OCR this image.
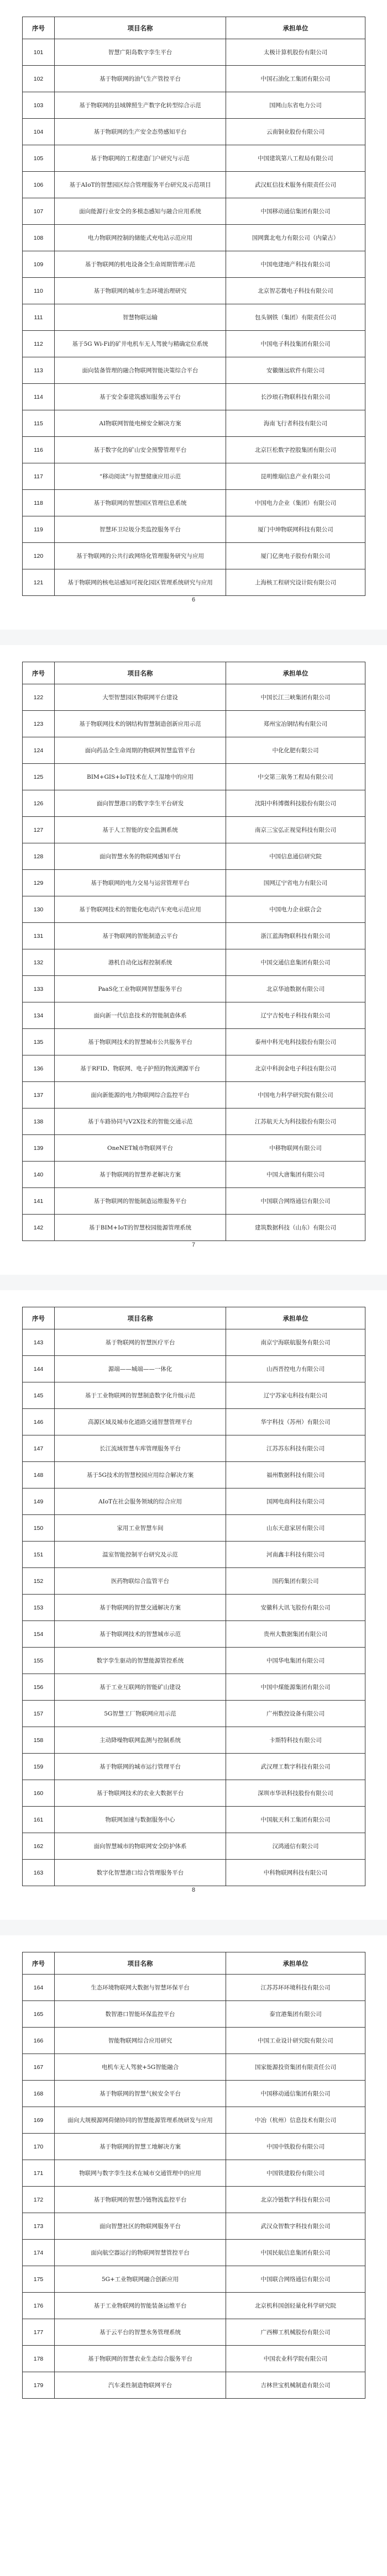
序号	项目名称	承担单位
101	智慧广阳岛数字孪生平台	太极计算机股份有限公司
102	基于物联网的油气生产管控平台	中国石油化工集团有限公司
103	基于物联网的县域牌照生产数字化转型综合示范	国网山东省电力公司
104	基于物联网的生产安全态势感知平台	云南铜业股份有限公司
105	基于物联网的工程建造门户研究与示范	中国建筑第八工程局有限公司
106	基于AIoT的智慧园区综合管理服务平台研究及示范项目	武汉虹信技术服务有限责任公司
107	面向能源行业安全的多模态感知与融合应用系统	中国移动通信集团有限公司
108	电力物联网控制的储能式充电站示范应用	国网冀北电力有限公司（内蒙古）
109	基于物联网的机电设备全生命周期管理示范	中国电建地产科技有限公司
110	基于物联网的城市生态环境治理研究	北京智芯微电子科技有限公司
111	智慧物联运输	包头钢铁（集团）有限责任公司
112	基于5G Wi-Fi的矿井电机车无人驾驶与精确定位系统	中国电子科技集团有限公司
113	面向装备管理的融合物联网智能决策综合平台	安徽继远软件有限公司
114	基于安全泰建筑感知服务云平台	长沙琅石物联科技有限公司
115	AI物联网智能电梯安全解决方案	海南飞行者科技有限公司
116	基于数字化的矿山安全预警管理平台	北京巨松数字控股集团有限公司
117	“移动阅读”与智慧健康应用示范	昆明维瑞信息产业有限公司
118	基于物联网的智慧园区管理信息系统	中国电力企业（集团）有限公司
119	智慧环卫垃圾分类监控服务平台	厦门中坤物联网科技有限公司
120	基于物联网的公共行政网络化管理服务研究与应用	厦门亿奥电子股份有限公司
121	基于物联网的核电站感知可视化园区管理系统研究与应用	上海核工程研究设计院有限公司
6
序号	项目名称	承担单位
122	大型智慧园区物联网平台建设	中国长江三峡集团有限公司
123	基于物联网技术的钢结构智慧制造创新应用示范	郑州宝冶钢结构有限公司
124	面向药品全生命周期的物联网智慧监管平台	中化化肥有限公司
125	BIM+GIS+IoT技术在人工湿地中的应用	中交第三航务工程局有限公司
126	面向智慧港口的数字孪生平台研发	沈阳中科博微科技股份有限公司
127	基于人工智能的安全监测系统	南京三宝弘正视觉科技有限公司
128	面向智慧水务的物联网感知平台	中国信息通信研究院
129	基于物联网的电力交易与运营管理平台	国网辽宁省电力有限公司
130	基于物联网技术的智能化电动汽车充电示范应用	中国电力企业联合会
131	基于物联网的智能制造云平台	浙江蓝海物联科技有限公司
132	港机自动化远程控制系统	中国交通信息集团有限公司
133	PaaS化工业物联网智慧服务平台	北京华迪数据有限公司
134	面向新一代信息技术的智能制造体系	辽宁吉悦电子科技有限公司
135	基于物联网技术的智慧城市公共服务平台	泰州中科光电科技股份有限公司
136	基于RFID、物联网、电子护照的物流溯源平台	北京中科润金电子科技有限公司
137	面向新能源的电力物联网综合监控平台	中国电力科学研究院有限公司
138	基于车路协同与V2X技术的智能交通示范	江苏航天大为科技股份有限公司
139	OneNET城市物联网平台	中移物联网有限公司
140	基于物联网的智慧养老解决方案	中国大唐集团有限公司
141	基于物联网的智能制造运维服务平台	中国联合网络通信有限公司
142	基于BIM+IoT的智慧校园能源管理系统	建筑数据科技（山东）有限公司
7
序号	项目名称	承担单位
143	基于物联网的智慧医疗平台	南京宁海联航服务有限公司
144	源端——城端——一体化	山西晋控电力有限公司
145	基于工业物联网的智慧制造数字化升级示范	辽宁苏家屯科技有限公司
146	高源区域及城市化道路交通智慧管理平台	华宇科技（苏州）有限公司
147	长江流域智慧车库管理服务平台	江苏苏东科技有限公司
148	基于5G技术的智慧校园应用综合解决方案	福州数据科技有限公司
149	AIoT在社会服务领域的综合应用	国网电商科技有限公司
150	家用工业智慧车间	山东天意家居有限公司
151	温室智能控制平台研究及示范	河南鑫丰科技有限公司
152	医药物联综合监管平台	国药集团有限公司
153	基于物联网的智慧交通解决方案	安徽科大讯飞股份有限公司
154	基于物联网技术的智慧城市示范	贵州大数据集团有限公司
155	数字孪生驱动的智慧能源管控系统	中国华电集团有限公司
156	基于工业互联网的智能矿山建设	中国中煤能源集团有限公司
157	5G智慧工厂物联网应用示范	广州数控设备有限公司
158	主动降噪物联网监测与控制系统	卡斯特科技有限公司
159	基于物联网的城市运行管理平台	武汉理工数字科技有限公司
160	基于物联网技术的农业大数据平台	深圳市华讯科技股份有限公司
161	物联网加速与数据服务中心	中国航天科工集团有限公司
162	面向智慧城市的物联网安全防护体系	汉鸿通信有限公司
163	数字化智慧港口综合管理服务平台	中科物联网科技有限公司
8
序号	项目名称	承担单位
164	生态环境物联网大数据与智慧环保平台	江苏苏环环境科技有限公司
165	数智港口智能环保监控平台	泰宜港集团有限公司
166	智能物联网综合应用研究	中国工业设计研究院有限公司
167	电机车无人驾驶+5G智能融合	国家能源投资集团有限责任公司
168	基于物联网的智慧气候安全平台	中国移动通信集团有限公司
169	面向大规模源网荷储协同的智慧能源管理系统研发与应用	中冶（杭州）信息技术有限公司
170	基于物联网的智慧工地解决方案	中国中铁股份有限公司
171	物联网与数字孪生技术在城市交通管理中的应用	中国铁建股份有限公司
172	基于物联网的智慧冷链物流监控平台	北京冷链数字科技有限公司
173	面向智慧社区的物联网服务平台	武汉众智数字科技有限公司
174	面向航空器运行的物联网智慧管控平台	中国民航信息集团有限公司
175	5G+工业物联网融合创新应用	中国联合网络通信有限公司
176	基于工业物联网的智能装备运维平台	北京机科国创轻量化科学研究院
177	基于云平台的智慧水务管理系统	广西柳工机械股份有限公司
178	基于物联网的智慧农业生态综合服务平台	中国农业科学院有限公司
179	汽车柔性制造物联网平台	吉林世宝机械制造有限公司
